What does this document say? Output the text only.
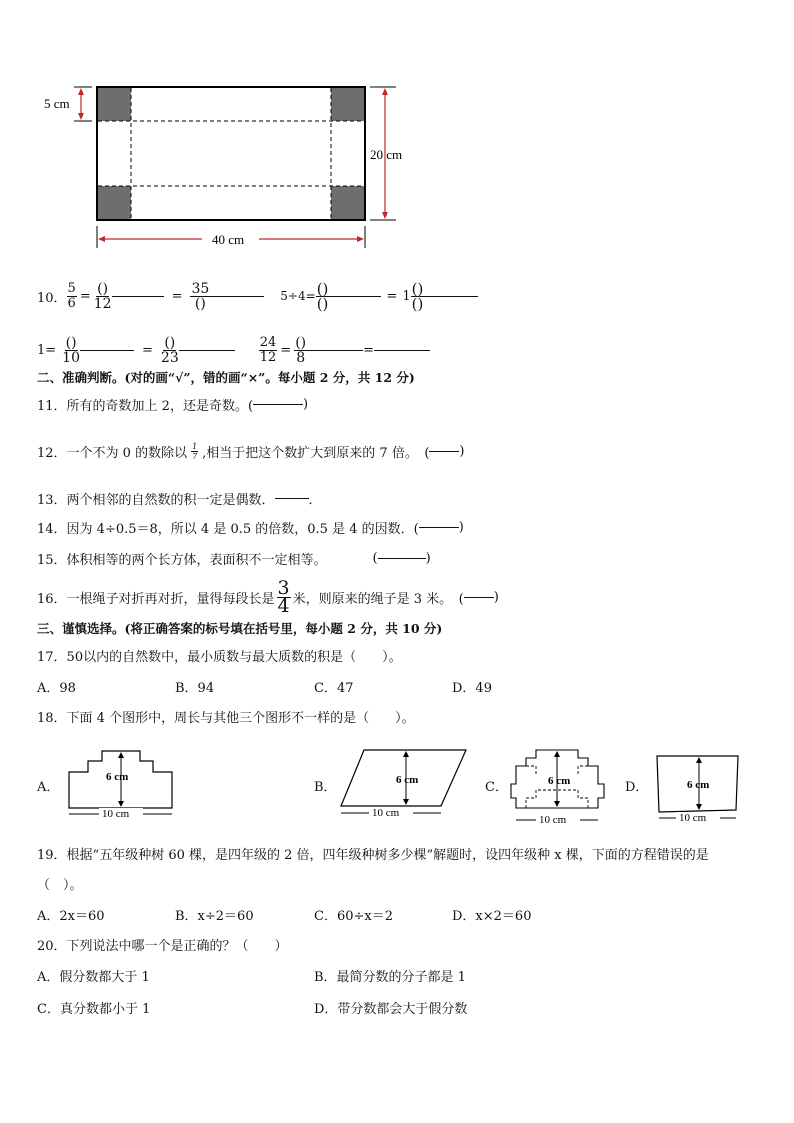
5 cm
20 cm
40 cm
10． $\frac{5}{6} = \frac{()}{12}$	= $\frac{35}{()}$	$5\div 4= \frac{()}{()}$	= $1 \frac{()}{()}$
$1= \frac{()}{10}$	= $\frac{()}{23}$	$\frac{24}{12} = \frac{()}{8}$	=
二、准确判断。(对的画“√”，错的画“×”。每小题 2 分，共 12 分)
11．所有的奇数加上 2，还是奇数。(	)
12．一个不为 0 的数除以 $\frac{1}{7}$ ,相当于把这个数扩大到原来的 7 倍。　( )
13．两个相邻的自然数的积一定是偶数．	．
14．因为 4÷0.5＝8，所以 4 是 0.5 的倍数，0.5 是 4 的因数．(	)
15．体积相等的两个长方体，表面积不一定相等。	(	)
16．一根绳子对折再对折，量得每段长是 $\frac{3}{4}$ 米，则原来的绳子是 3 米。　( )
三、谨慎选择。(将正确答案的标号填在括号里，每小题 2 分，共 10 分)
17．50以内的自然数中，最小质数与最大质数的积是（　　）。
A．98	B．94	C．47	D．49
18．下面 4 个图形中，周长与其他三个图形不一样的是（　　）。
A．
6 cm
10 cm
B．	6 cm
10 cm
C．	6 cm
10 cm
D．	6 cm
10 cm
19．根据“五年级种树 60 棵，是四年级的 2 倍，四年级种树多少棵”解题时，设四年级种 x 棵，下面的方程错误的是
（　）。
A．2x＝60	B．x÷2＝60	C．60÷x＝2	D．x×2＝60
20．下列说法中哪一个是正确的？（　　）
A．假分数都大于 1	B．最简分数的分子都是 1
C．真分数都小于 1	D．带分数都会大于假分数
